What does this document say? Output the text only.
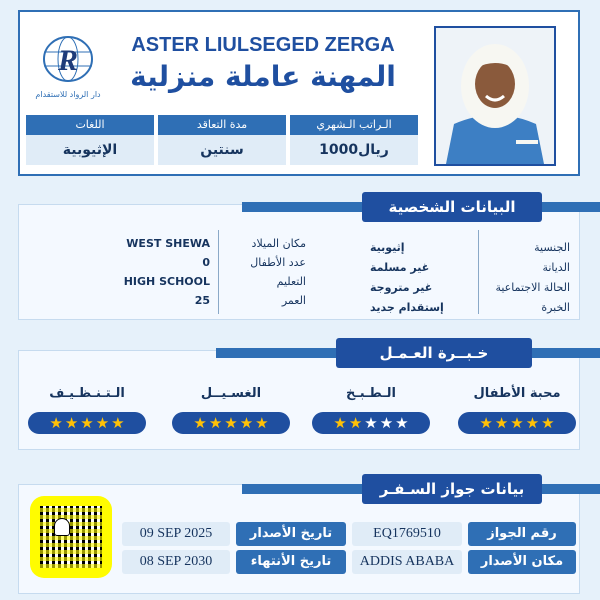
R
دار الرواد للاستقدام
ASTER LIULSEGED ZERGA
المهنة عاملة منزلية
الـراتب الـشهري
1000ريال
مدة التعاقد
سنتين
اللغات
الإثيوبية
البيانات الشخصية
الجنسية
الديانة
الحالة الاجتماعية
الخبرة
إثيوبية
غير مسلمة
غير متروجة
إستقدام جديد
مكان الميلاد
عدد الأطفال
التعليم
العمر
WEST SHEWA
0
HIGH SCHOOL
25
خـبــرة العـمـل
محبة الأطفال
★ ★ ★ ★ ★
الـطـبـخ
★ ★ ★ ★ ★
الغسـيــل
★ ★ ★ ★ ★
الـتـنـظـيـف
★ ★ ★ ★ ★
بيانات جواز السـفـر
رقم الجواز
EQ1769510
تاريخ الأصدار
09 SEP 2025
مكان الأصدار
ADDIS ABABA
تاريخ الأنتهاء
08 SEP 2030
